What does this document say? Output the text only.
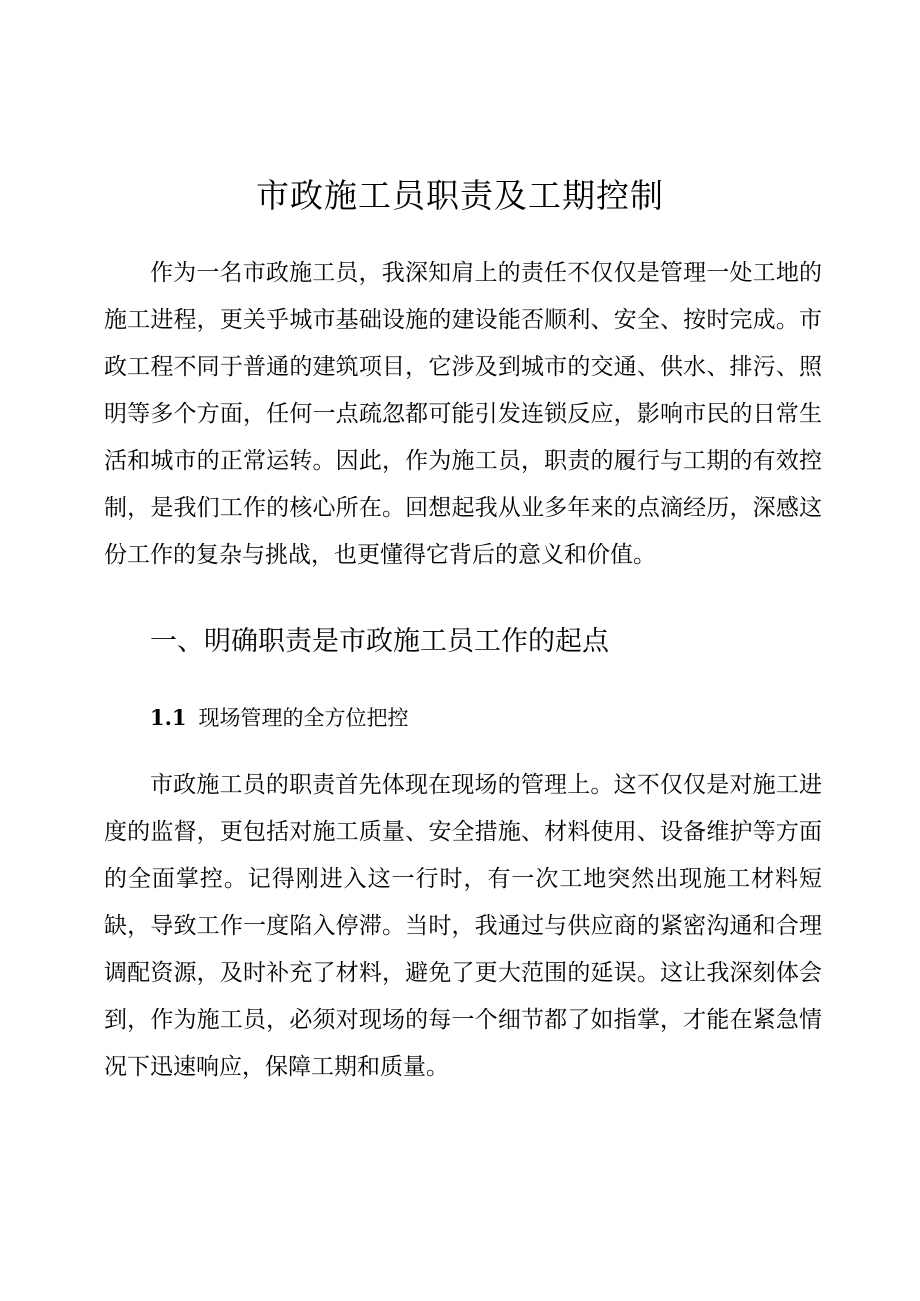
市政施工员职责及工期控制

作为一名市政施工员，我深知肩上的责任不仅仅是管理一处工地的施工进程，更关乎城市基础设施的建设能否顺利、安全、按时完成。市政工程不同于普通的建筑项目，它涉及到城市的交通、供水、排污、照明等多个方面，任何一点疏忽都可能引发连锁反应，影响市民的日常生活和城市的正常运转。因此，作为施工员，职责的履行与工期的有效控制，是我们工作的核心所在。回想起我从业多年来的点滴经历，深感这份工作的复杂与挑战，也更懂得它背后的意义和价值。

一、明确职责是市政施工员工作的起点
1.1 现场管理的全方位把控

市政施工员的职责首先体现在现场的管理上。这不仅仅是对施工进度的监督，更包括对施工质量、安全措施、材料使用、设备维护等方面的全面掌控。记得刚进入这一行时，有一次工地突然出现施工材料短缺，导致工作一度陷入停滞。当时，我通过与供应商的紧密沟通和合理调配资源，及时补充了材料，避免了更大范围的延误。这让我深刻体会到，作为施工员，必须对现场的每一个细节都了如指掌，才能在紧急情况下迅速响应，保障工期和质量。
